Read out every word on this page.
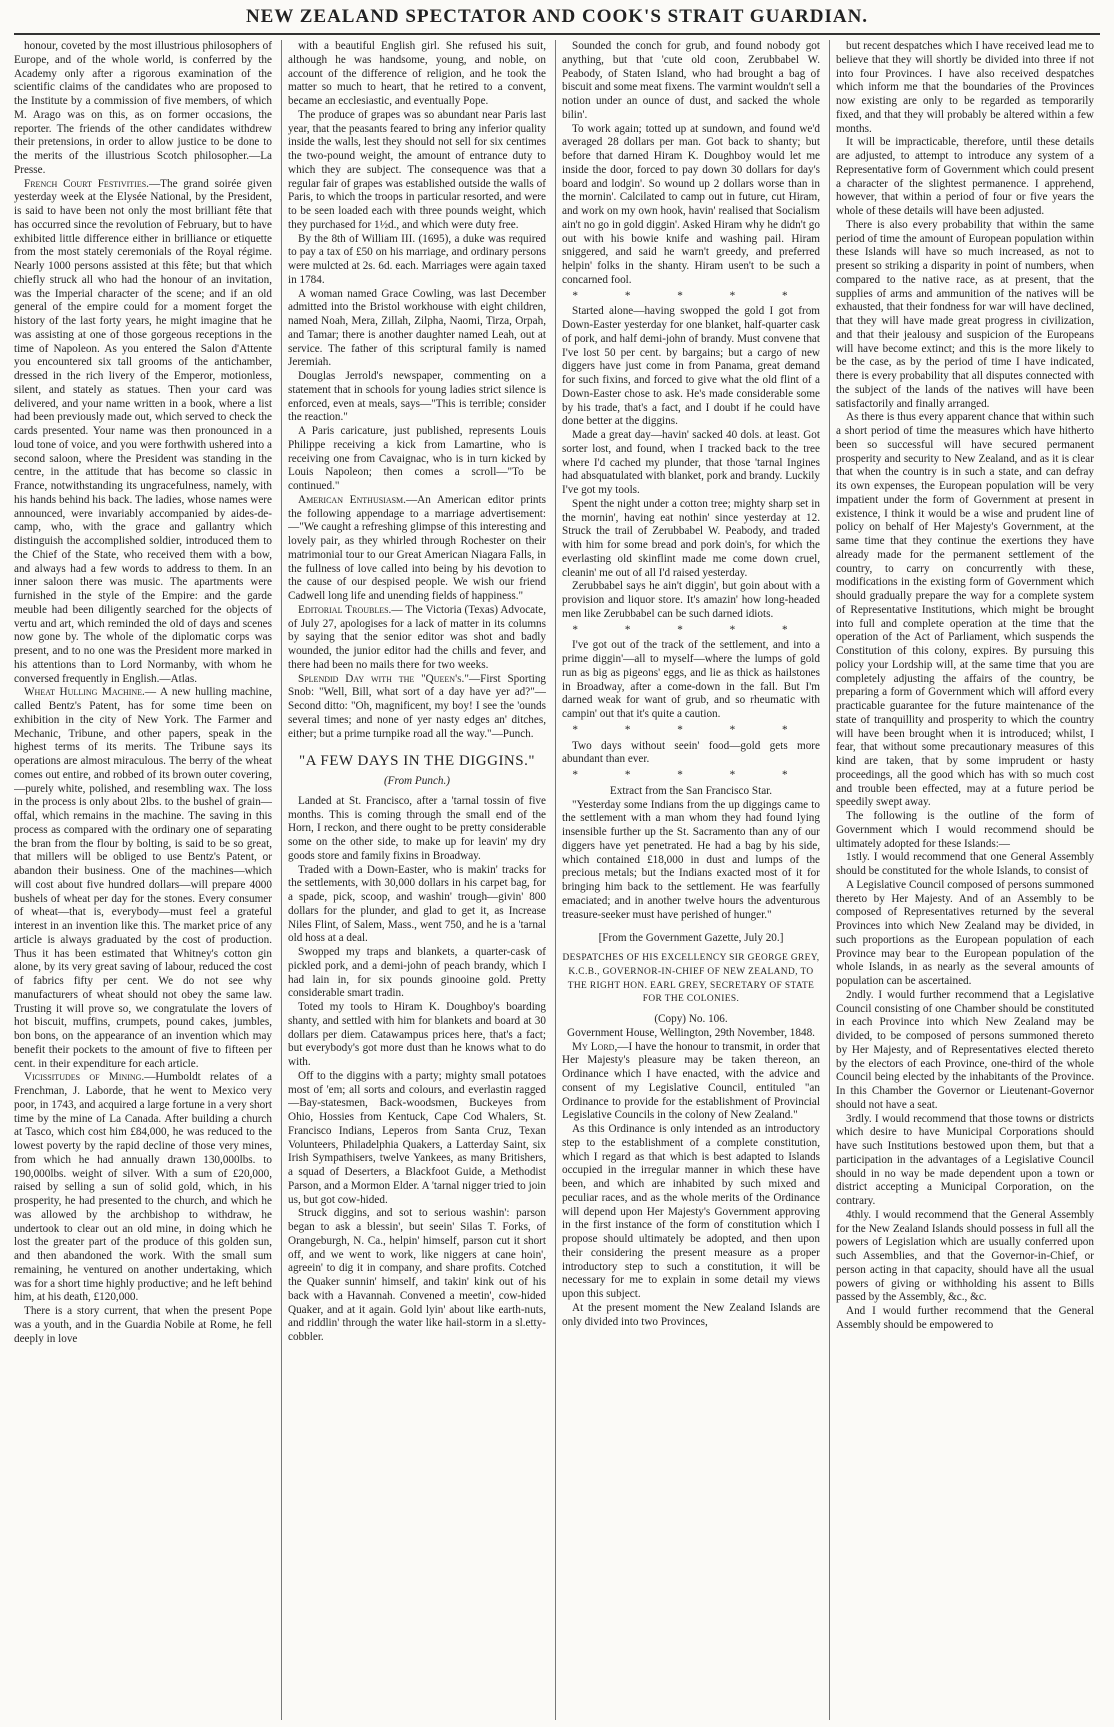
NEW ZEALAND SPECTATOR AND COOK'S STRAIT GUARDIAN.

honour, coveted by the most illustrious philosophers of Europe, and of the whole world, is conferred by the Academy only after a rigorous examination of the scientific claims of the candidates who are proposed to the Institute by a commission of five members, of which M. Arago was on this, as on former occasions, the reporter. The friends of the other candidates withdrew their pretensions, in order to allow justice to be done to the merits of the illustrious Scotch philosopher.—La Presse.

French Court Festivities.—The grand soirée given yesterday week at the Elysée National, by the President, is said to have been not only the most brilliant fête that has occurred since the revolution of February, but to have exhibited little difference either in brilliance or etiquette from the most stately ceremonials of the Royal régime. Nearly 1000 persons assisted at this fête; but that which chiefly struck all who had the honour of an invitation, was the Imperial character of the scene; and if an old general of the empire could for a moment forget the history of the last forty years, he might imagine that he was assisting at one of those gorgeous receptions in the time of Napoleon. As you entered the Salon d'Attente you encountered six tall grooms of the antichamber, dressed in the rich livery of the Emperor, motionless, silent, and stately as statues. Then your card was delivered, and your name written in a book, where a list had been previously made out, which served to check the cards presented. Your name was then pronounced in a loud tone of voice, and you were forthwith ushered into a second saloon, where the President was standing in the centre, in the attitude that has become so classic in France, notwithstanding its ungracefulness, namely, with his hands behind his back. The ladies, whose names were announced, were invariably accompanied by aides-de-camp, who, with the grace and gallantry which distinguish the accomplished soldier, introduced them to the Chief of the State, who received them with a bow, and always had a few words to address to them. In an inner saloon there was music. The apartments were furnished in the style of the Empire: and the garde meuble had been diligently searched for the objects of vertu and art, which reminded the old of days and scenes now gone by. The whole of the diplomatic corps was present, and to no one was the President more marked in his attentions than to Lord Normanby, with whom he conversed frequently in English.—Atlas.

Wheat Hulling Machine.— A new hulling machine, called Bentz's Patent, has for some time been on exhibition in the city of New York. The Farmer and Mechanic, Tribune, and other papers, speak in the highest terms of its merits. The Tribune says its operations are almost miraculous. The berry of the wheat comes out entire, and robbed of its brown outer covering,—purely white, polished, and resembling wax. The loss in the process is only about 2lbs. to the bushel of grain—offal, which remains in the machine. The saving in this process as compared with the ordinary one of separating the bran from the flour by bolting, is said to be so great, that millers will be obliged to use Bentz's Patent, or abandon their business. One of the machines—which will cost about five hundred dollars—will prepare 4000 bushels of wheat per day for the stones. Every consumer of wheat—that is, everybody—must feel a grateful interest in an invention like this. The market price of any article is always graduated by the cost of production. Thus it has been estimated that Whitney's cotton gin alone, by its very great saving of labour, reduced the cost of fabrics fifty per cent. We do not see why manufacturers of wheat should not obey the same law. Trusting it will prove so, we congratulate the lovers of hot biscuit, muffins, crumpets, pound cakes, jumbles, bon bons, on the appearance of an invention which may benefit their pockets to the amount of five to fifteen per cent. in their expenditure for each article.

Vicissitudes of Mining.—Humboldt relates of a Frenchman, J. Laborde, that he went to Mexico very poor, in 1743, and acquired a large fortune in a very short time by the mine of La Canada. After building a church at Tasco, which cost him £84,000, he was reduced to the lowest poverty by the rapid decline of those very mines, from which he had annually drawn 130,000lbs. to 190,000lbs. weight of silver. With a sum of £20,000, raised by selling a sun of solid gold, which, in his prosperity, he had presented to the church, and which he was allowed by the archbishop to withdraw, he undertook to clear out an old mine, in doing which he lost the greater part of the produce of this golden sun, and then abandoned the work. With the small sum remaining, he ventured on another undertaking, which was for a short time highly productive; and he left behind him, at his death, £120,000.

There is a story current, that when the present Pope was a youth, and in the Guardia Nobile at Rome, he fell deeply in love

with a beautiful English girl. She refused his suit, although he was handsome, young, and noble, on account of the difference of religion, and he took the matter so much to heart, that he retired to a convent, became an ecclesiastic, and eventually Pope.

The produce of grapes was so abundant near Paris last year, that the peasants feared to bring any inferior quality inside the walls, lest they should not sell for six centimes the two-pound weight, the amount of entrance duty to which they are subject. The consequence was that a regular fair of grapes was established outside the walls of Paris, to which the troops in particular resorted, and were to be seen loaded each with three pounds weight, which they purchased for 1½d., and which were duty free.

By the 8th of William III. (1695), a duke was required to pay a tax of £50 on his marriage, and ordinary persons were mulcted at 2s. 6d. each. Marriages were again taxed in 1784.

A woman named Grace Cowling, was last December admitted into the Bristol workhouse with eight children, named Noah, Mera, Zillah, Zilpha, Naomi, Tirza, Orpah, and Tamar; there is another daughter named Leah, out at service. The father of this scriptural family is named Jeremiah.

Douglas Jerrold's newspaper, commenting on a statement that in schools for young ladies strict silence is enforced, even at meals, says—"This is terrible; consider the reaction."

A Paris caricature, just published, represents Louis Philippe receiving a kick from Lamartine, who is receiving one from Cavaignac, who is in turn kicked by Louis Napoleon; then comes a scroll—"To be continued."

American Enthusiasm.—An American editor prints the following appendage to a marriage advertisement:—"We caught a refreshing glimpse of this interesting and lovely pair, as they whirled through Rochester on their matrimonial tour to our Great American Niagara Falls, in the fullness of love called into being by his devotion to the cause of our despised people. We wish our friend Cadwell long life and unending fields of happiness."

Editorial Troubles.— The Victoria (Texas) Advocate, of July 27, apologises for a lack of matter in its columns by saying that the senior editor was shot and badly wounded, the junior editor had the chills and fever, and there had been no mails there for two weeks.

Splendid Day with the "Queen's."—First Sporting Snob: "Well, Bill, what sort of a day have yer ad?"—Second ditto: "Oh, magnificent, my boy! I see the 'ounds several times; and none of yer nasty edges an' ditches, either; but a prime turnpike road all the way."—Punch.

"A FEW DAYS IN THE DIGGINS."

(From Punch.)

Landed at St. Francisco, after a 'tarnal tossin of five months. This is coming through the small end of the Horn, I reckon, and there ought to be pretty considerable some on the other side, to make up for leavin' my dry goods store and family fixins in Broadway.

Traded with a Down-Easter, who is makin' tracks for the settlements, with 30,000 dollars in his carpet bag, for a spade, pick, scoop, and washin' trough—givin' 800 dollars for the plunder, and glad to get it, as Increase Niles Flint, of Salem, Mass., went 750, and he is a 'tarnal old hoss at a deal.

Swopped my traps and blankets, a quarter-cask of pickled pork, and a demi-john of peach brandy, which I had lain in, for six pounds ginooine gold. Pretty considerable smart tradin.

Toted my tools to Hiram K. Doughboy's boarding shanty, and settled with him for blankets and board at 30 dollars per diem. Catawampus prices here, that's a fact; but everybody's got more dust than he knows what to do with.

Off to the diggins with a party; mighty small potatoes most of 'em; all sorts and colours, and everlastin ragged—Bay-statesmen, Back-woodsmen, Buckeyes from Ohio, Hossies from Kentuck, Cape Cod Whalers, St. Francisco Indians, Leperos from Santa Cruz, Texan Volunteers, Philadelphia Quakers, a Latterday Saint, six Irish Sympathisers, twelve Yankees, as many Britishers, a squad of Deserters, a Blackfoot Guide, a Methodist Parson, and a Mormon Elder. A 'tarnal nigger tried to join us, but got cow-hided.

Struck diggins, and sot to serious washin': parson began to ask a blessin', but seein' Silas T. Forks, of Orangeburgh, N. Ca., helpin' himself, parson cut it short off, and we went to work, like niggers at cane hoin', agreein' to dig it in company, and share profits. Cotched the Quaker sunnin' himself, and takin' kink out of his back with a Havannah. Convened a meetin', cow-hided Quaker, and at it again. Gold lyin' about like earth-nuts, and riddlin' through the water like hail-storm in a sl.etty-cobbler.

Sounded the conch for grub, and found nobody got anything, but that 'cute old coon, Zerubbabel W. Peabody, of Staten Island, who had brought a bag of biscuit and some meat fixens. The varmint wouldn't sell a notion under an ounce of dust, and sacked the whole bilin'.

To work again; totted up at sundown, and found we'd averaged 28 dollars per man. Got back to shanty; but before that darned Hiram K. Doughboy would let me inside the door, forced to pay down 30 dollars for day's board and lodgin'. So wound up 2 dollars worse than in the mornin'. Calcilated to camp out in future, cut Hiram, and work on my own hook, havin' realised that Socialism ain't no go in gold diggin'. Asked Hiram why he didn't go out with his bowie knife and washing pail. Hiram sniggered, and said he warn't greedy, and preferred helpin' folks in the shanty. Hiram usen't to be such a concarned fool.

* * * * *

Started alone—having swopped the gold I got from Down-Easter yesterday for one blanket, half-quarter cask of pork, and half demi-john of brandy. Must convene that I've lost 50 per cent. by bargains; but a cargo of new diggers have just come in from Panama, great demand for such fixins, and forced to give what the old flint of a Down-Easter chose to ask. He's made considerable some by his trade, that's a fact, and I doubt if he could have done better at the diggins.

Made a great day—havin' sacked 40 dols. at least. Got sorter lost, and found, when I tracked back to the tree where I'd cached my plunder, that those 'tarnal Ingines had absquatulated with blanket, pork and brandy. Luckily I've got my tools.

Spent the night under a cotton tree; mighty sharp set in the mornin', having eat nothin' since yesterday at 12. Struck the trail of Zerubbabel W. Peabody, and traded with him for some bread and pork doin's, for which the everlasting old skinflint made me come down cruel, cleanin' me out of all I'd raised yesterday.

Zerubbabel says he ain't diggin', but goin about with a provision and liquor store. It's amazin' how long-headed men like Zerubbabel can be such darned idiots.

* * * * *

I've got out of the track of the settlement, and into a prime diggin'—all to myself—where the lumps of gold run as big as pigeons' eggs, and lie as thick as hailstones in Broadway, after a come-down in the fall. But I'm darned weak for want of grub, and so rheumatic with campin' out that it's quite a caution.

* * * * *

Two days without seein' food—gold gets more abundant than ever.

* * * * *

Extract from the San Francisco Star.

"Yesterday some Indians from the up diggings came to the settlement with a man whom they had found lying insensible further up the St. Sacramento than any of our diggers have yet penetrated. He had a bag by his side, which contained £18,000 in dust and lumps of the precious metals; but the Indians exacted most of it for bringing him back to the settlement. He was fearfully emaciated; and in another twelve hours the adventurous treasure-seeker must have perished of hunger."

[From the Government Gazette, July 20.]

DESPATCHES OF HIS EXCELLENCY SIR GEORGE GREY, K.C.B., GOVERNOR-IN-CHIEF OF NEW ZEALAND, TO THE RIGHT HON. EARL GREY, SECRETARY OF STATE FOR THE COLONIES.

(Copy) No. 106.

Government House, Wellington, 29th November, 1848.

My Lord,—I have the honour to transmit, in order that Her Majesty's pleasure may be taken thereon, an Ordinance which I have enacted, with the advice and consent of my Legislative Council, entituled "an Ordinance to provide for the establishment of Provincial Legislative Councils in the colony of New Zealand."

As this Ordinance is only intended as an introductory step to the establishment of a complete constitution, which I regard as that which is best adapted to Islands occupied in the irregular manner in which these have been, and which are inhabited by such mixed and peculiar races, and as the whole merits of the Ordinance will depend upon Her Majesty's Government approving in the first instance of the form of constitution which I propose should ultimately be adopted, and then upon their considering the present measure as a proper introductory step to such a constitution, it will be necessary for me to explain in some detail my views upon this subject.

At the present moment the New Zealand Islands are only divided into two Provinces,

but recent despatches which I have received lead me to believe that they will shortly be divided into three if not into four Provinces. I have also received despatches which inform me that the boundaries of the Provinces now existing are only to be regarded as temporarily fixed, and that they will probably be altered within a few months.

It will be impracticable, therefore, until these details are adjusted, to attempt to introduce any system of a Representative form of Government which could present a character of the slightest permanence. I apprehend, however, that within a period of four or five years the whole of these details will have been adjusted.

There is also every probability that within the same period of time the amount of European population within these Islands will have so much increased, as not to present so striking a disparity in point of numbers, when compared to the native race, as at present, that the supplies of arms and ammunition of the natives will be exhausted, that their fondness for war will have declined, that they will have made great progress in civilization, and that their jealousy and suspicion of the Europeans will have become extinct; and this is the more likely to be the case, as by the period of time I have indicated, there is every probability that all disputes connected with the subject of the lands of the natives will have been satisfactorily and finally arranged.

As there is thus every apparent chance that within such a short period of time the measures which have hitherto been so successful will have secured permanent prosperity and security to New Zealand, and as it is clear that when the country is in such a state, and can defray its own expenses, the European population will be very impatient under the form of Government at present in existence, I think it would be a wise and prudent line of policy on behalf of Her Majesty's Government, at the same time that they continue the exertions they have already made for the permanent settlement of the country, to carry on concurrently with these, modifications in the existing form of Government which should gradually prepare the way for a complete system of Representative Institutions, which might be brought into full and complete operation at the time that the operation of the Act of Parliament, which suspends the Constitution of this colony, expires. By pursuing this policy your Lordship will, at the same time that you are completely adjusting the affairs of the country, be preparing a form of Government which will afford every practicable guarantee for the future maintenance of the state of tranquillity and prosperity to which the country will have been brought when it is introduced; whilst, I fear, that without some precautionary measures of this kind are taken, that by some imprudent or hasty proceedings, all the good which has with so much cost and trouble been effected, may at a future period be speedily swept away.

The following is the outline of the form of Government which I would recommend should be ultimately adopted for these Islands:—

1stly. I would recommend that one General Assembly should be constituted for the whole Islands, to consist of

A Legislative Council composed of persons summoned thereto by Her Majesty. And of an Assembly to be composed of Representatives returned by the several Provinces into which New Zealand may be divided, in such proportions as the European population of each Province may bear to the European population of the whole Islands, in as nearly as the several amounts of population can be ascertained.

2ndly. I would further recommend that a Legislative Council consisting of one Chamber should be constituted in each Province into which New Zealand may be divided, to be composed of persons summoned thereto by Her Majesty, and of Representatives elected thereto by the electors of each Province, one-third of the whole Council being elected by the inhabitants of the Province. In this Chamber the Governor or Lieutenant-Governor should not have a seat.

3rdly. I would recommend that those towns or districts which desire to have Municipal Corporations should have such Institutions bestowed upon them, but that a participation in the advantages of a Legislative Council should in no way be made dependent upon a town or district accepting a Municipal Corporation, on the contrary.

4thly. I would recommend that the General Assembly for the New Zealand Islands should possess in full all the powers of Legislation which are usually conferred upon such Assemblies, and that the Governor-in-Chief, or person acting in that capacity, should have all the usual powers of giving or withholding his assent to Bills passed by the Assembly, &c., &c.

And I would further recommend that the General Assembly should be empowered to
